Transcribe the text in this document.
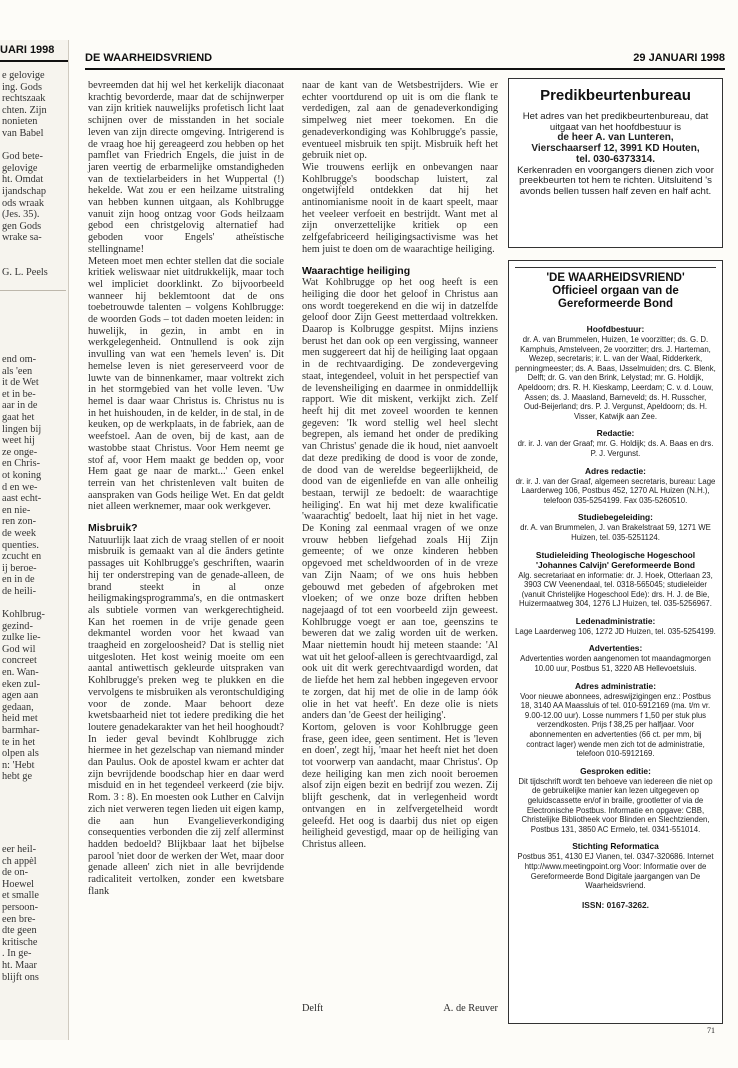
UARI 1998
e gelovige
ing. Gods
rechtszaak
chten. Zijn
nonieten
van Babel

God bete-
gelovige
ht. Omdat
ijandschap
ods wraak
(Jes. 35).
gen Gods
wrake sa-

G. L. Peels
end om-
als 'een
it de Wet
et in be-
aar in de
gaat het
lingen bij
weet hij
ze onge-
en Chris-
ot koning
d en we-
aast echt-
en nie-
ren zon-
de week
quenties.
zcucht en
ij beroe-
en in de
de heili-

Kohlbrug-
gezind-
zulke lie-
God wil
concreet
en. Wan-
eken zul-
agen aan
gedaan,
heid met
barmhar-
te in het
olpen als
n: 'Hebt
hebt ge
eer heil-
ch appèl
de on-
Hoewel
et smalle
persoon-
een bre-
dte geen
kritische
. In ge-
ht. Maar
blijft ons
DE WAARHEIDSVRIEND	29 JANUARI 1998

bevreemden dat hij wel het kerkelijk diaconaat krachtig bevorderde, maar dat de schijnwerper van zijn kritiek nauwelijks profetisch licht laat schijnen over de misstanden in het sociale leven van zijn directe omgeving. Intrigerend is de vraag hoe hij gereageerd zou hebben op het pamflet van Friedrich Engels, die juist in de jaren veertig de erbarmelijke omstandigheden van de textielarbeiders in het Wuppertal (!) hekelde. Wat zou er een heilzame uitstraling van hebben kunnen uitgaan, als Kohlbrugge vanuit zijn hoog ontzag voor Gods heilzaam gebod een christgelovig alternatief had geboden voor Engels' atheïstische stellingname!

Meteen moet men echter stellen dat die sociale kritiek weliswaar niet uitdrukkelijk, maar toch wel impliciet doorklinkt. Zo bijvoorbeeld wanneer hij beklemtoont dat de ons toebetrouwde talenten – volgens Kohlbrugge: de woorden Gods – tot daden moeten leiden: in huwelijk, in gezin, in ambt en in werkgelegenheid. Ontnullend is ook zijn invulling van wat een 'hemels leven' is. Dit hemelse leven is niet gereserveerd voor de luwte van de binnenkamer, maar voltrekt zich in het stormgebied van het volle leven. 'Uw hemel is daar waar Christus is. Christus nu is in het huishouden, in de kelder, in de stal, in de keuken, op de werkplaats, in de fabriek, aan de weefstoel. Aan de oven, bij de kast, aan de wastobbe staat Christus. Voor Hem neemt ge stof af, voor Hem maakt ge bedden op, voor Hem gaat ge naar de markt...' Geen enkel terrein van het christenleven valt buiten de aanspraken van Gods heilige Wet. En dat geldt niet alleen werknemer, maar ook werkgever.

Misbruik?

Natuurlijk laat zich de vraag stellen of er nooit misbruik is gemaakt van al die ânders getinte passages uit Kohlbrugge's geschriften, waarin hij ter onderstreping van de genade-alleen, de brand steekt in al onze heiligmakingsprogramma's, en die ontmaskert als subtiele vormen van werkgerechtigheid. Kan het roemen in de vrije genade geen dekmantel worden voor het kwaad van traagheid en zorgeloosheid? Dat is stellig niet uitgesloten. Het kost weinig moeite om een aantal antiwettisch gekleurde uitspraken van Kohlbrugge's preken weg te plukken en die vervolgens te misbruiken als verontschuldiging voor de zonde. Maar behoort deze kwetsbaarheid niet tot iedere prediking die het loutere genadekarakter van het heil hooghoudt? In ieder geval bevindt Kohlbrugge zich hiermee in het gezelschap van niemand minder dan Paulus. Ook de apostel kwam er achter dat zijn bevrijdende boodschap hier en daar werd misduid en in het tegendeel verkeerd (zie bijv. Rom. 3 : 8). En moesten ook Luther en Calvijn zich niet verweren tegen lieden uit eigen kamp, die aan hun Evangelieverkondiging consequenties verbonden die zij zelf allerminst hadden bedoeld? Blijkbaar laat het bijbelse parool 'niet door de werken der Wet, maar door genade alleen' zich niet in alle bevrijdende radicaliteit vertolken, zonder een kwetsbare flank

naar de kant van de Wetsbestrijders. Wie er echter voortdurend op uit is om die flank te verdedigen, zal aan de genadeverkondiging simpelweg niet meer toekomen. En die genadeverkondiging was Kohlbrugge's passie, eventueel misbruik ten spijt. Misbruik heft het gebruik niet op.

Wie trouwens eerlijk en onbevangen naar Kohlbrugge's boodschap luistert, zal ongetwijfeld ontdekken dat hij het antinomianisme nooit in de kaart speelt, maar het veeleer verfoeit en bestrijdt. Want met al zijn onverzettelijke kritiek op een zelfgefabriceerd heiligingsactivisme was het hem juist te doen om de waarachtige heiliging.

Waarachtige heiliging

Wat Kohlbrugge op het oog heeft is een heiliging die door het geloof in Christus aan ons wordt toegerekend en die wij in datzelfde geloof door Zijn Geest metterdaad voltrekken. Daarop is Kolbrugge gespitst. Mijns inziens berust het dan ook op een vergissing, wanneer men suggereert dat hij de heiliging laat opgaan in de rechtvaardiging. De zondevergeving staat, integendeel, voluit in het perspectief van de levensheiliging en daarmee in onmiddellijk rapport. Wie dit miskent, verkijkt zich. Zelf heeft hij dit met zoveel woorden te kennen gegeven: 'Ik word stellig wel heel slecht begrepen, als iemand het onder de prediking van Christus' genade die ik houd, niet aanvoelt dat deze prediking de dood is voor de zonde, de dood van de wereldse begeerlijkheid, de dood van de eigenliefde en van alle onheilig bestaan, terwijl ze bedoelt: de waarachtige heiliging'. En wat hij met deze kwalificatie 'waarachtig' bedoelt, laat hij niet in het vage. De Koning zal eenmaal vragen of we onze vrouw hebben liefgehad zoals Hij Zijn gemeente; of we onze kinderen hebben opgevoed met scheldwoorden of in de vreze van Zijn Naam; of we ons huis hebben gebouwd met gebeden of afgebroken met vloeken; of we onze boze driften hebben nagejaagd of tot een voorbeeld zijn geweest. Kohlbrugge voegt er aan toe, geenszins te beweren dat we zalig worden uit de werken. Maar niettemin houdt hij meteen staande: 'Al wat uit het geloof-alleen is gerechtvaardigd, zal ook uit dit werk gerechtvaardigd worden, dat de liefde het hem zal hebben ingegeven ervoor te zorgen, dat hij met de olie in de lamp óók olie in het vat heeft'. En deze olie is niets anders dan 'de Geest der heiliging'.

Kortom, geloven is voor Kohlbrugge geen frase, geen idee, geen sentiment. Het is 'leven en doen', zegt hij, 'maar het heeft niet het doen tot voorwerp van aandacht, maar Christus'. Op deze heiliging kan men zich nooit beroemen alsof zijn eigen bezit en bedrijf zou wezen. Zij blijft geschenk, dat in verlegenheid wordt ontvangen en in zelfvergetelheid wordt geleefd. Het oog is daarbij dus niet op eigen heiligheid gevestigd, maar op de heiliging van Christus alleen.

Delft	A. de Reuver
Predikbeurtenbureau
Het adres van het predikbeurtenbureau, dat uitgaat van het hoofdbestuur is
de heer A. van Lunteren,
Vierschaarserf 12, 3991 KD Houten,
tel. 030-6373314.
Kerkenraden en voorgangers dienen zich voor preekbeurten tot hem te richten. Uitsluitend 's avonds bellen tussen half zeven en half acht.
'DE WAARHEIDSVRIEND'
Officieel orgaan van de Gereformeerde Bond
Hoofdbestuur:
dr. A. van Brummelen, Huizen, 1e voorzitter; ds. G. D. Kamphuis, Amstelveen, 2e voorzitter; drs. J. Harteman, Wezep, secretaris; ir. L. van der Waal, Ridderkerk, penningmeester; ds. A. Baas, IJsselmuiden; drs. C. Blenk, Delft; dr. G. van den Brink, Lelystad; mr. G. Holdijk, Apeldoorn; drs. R. H. Kieskamp, Leerdam; C. v. d. Louw, Assen; ds. J. Maasland, Barneveld; ds. H. Russcher, Oud-Beijerland; drs. P. J. Vergunst, Apeldoorn; ds. H. Visser, Katwijk aan Zee.
Redactie:
dr. ir. J. van der Graaf; mr. G. Holdijk; ds. A. Baas en drs. P. J. Vergunst.
Adres redactie:
dr. ir. J. van der Graaf, algemeen secretaris, bureau: Lage Laarderweg 106, Postbus 452, 1270 AL Huizen (N.H.), telefoon 035-5254199. Fax 035-5260510.
Studiebegeleiding:
dr. A. van Brummelen, J. van Brakelstraat 59, 1271 WE Huizen, tel. 035-5251124.
Studieleiding Theologische Hogeschool 'Johannes Calvijn' Gereformeerde Bond
Alg. secretariaat en informatie: dr. J. Hoek, Otterlaan 23, 3903 CW Veenendaal, tel. 0318-565045; studieleider (vanuit Christelijke Hogeschool Ede): drs. H. J. de Bie, Huizermaatweg 304, 1276 LJ Huizen, tel. 035-5256967.
Ledenadministratie:
Lage Laarderweg 106, 1272 JD Huizen, tel. 035-5254199.
Advertenties:
Advertenties worden aangenomen tot maandagmorgen 10.00 uur, Postbus 51, 3220 AB Hellevoetsluis.
Adres administratie:
Voor nieuwe abonnees, adreswijzigingen enz.: Postbus 18, 3140 AA Maassluis of tel. 010-5912169 (ma. t/m vr. 9.00-12.00 uur). Losse nummers f 1,50 per stuk plus verzendkosten. Prijs f 38,25 per halfjaar. Voor abonnementen en advertenties (66 ct. per mm, bij contract lager) wende men zich tot de administratie, telefoon 010-5912169.
Gesproken editie:
Dit tijdschrift wordt ten behoeve van iedereen die niet op de gebruikelijke manier kan lezen uitgegeven op geluidscassette en/of in braille, grootletter of via de Electronische Postbus. Informatie en opgave: CBB, Christelijke Bibliotheek voor Blinden en Slechtzienden, Postbus 131, 3850 AC Ermelo, tel. 0341-551014.
Stichting Reformatica
Postbus 351, 4130 EJ Vianen, tel. 0347-320686. Internet http://www.meetingpoint.org Voor: Informatie over de Gereformeerde Bond Digitale jaargangen van De Waarheidsvriend.
ISSN: 0167-3262.
71
